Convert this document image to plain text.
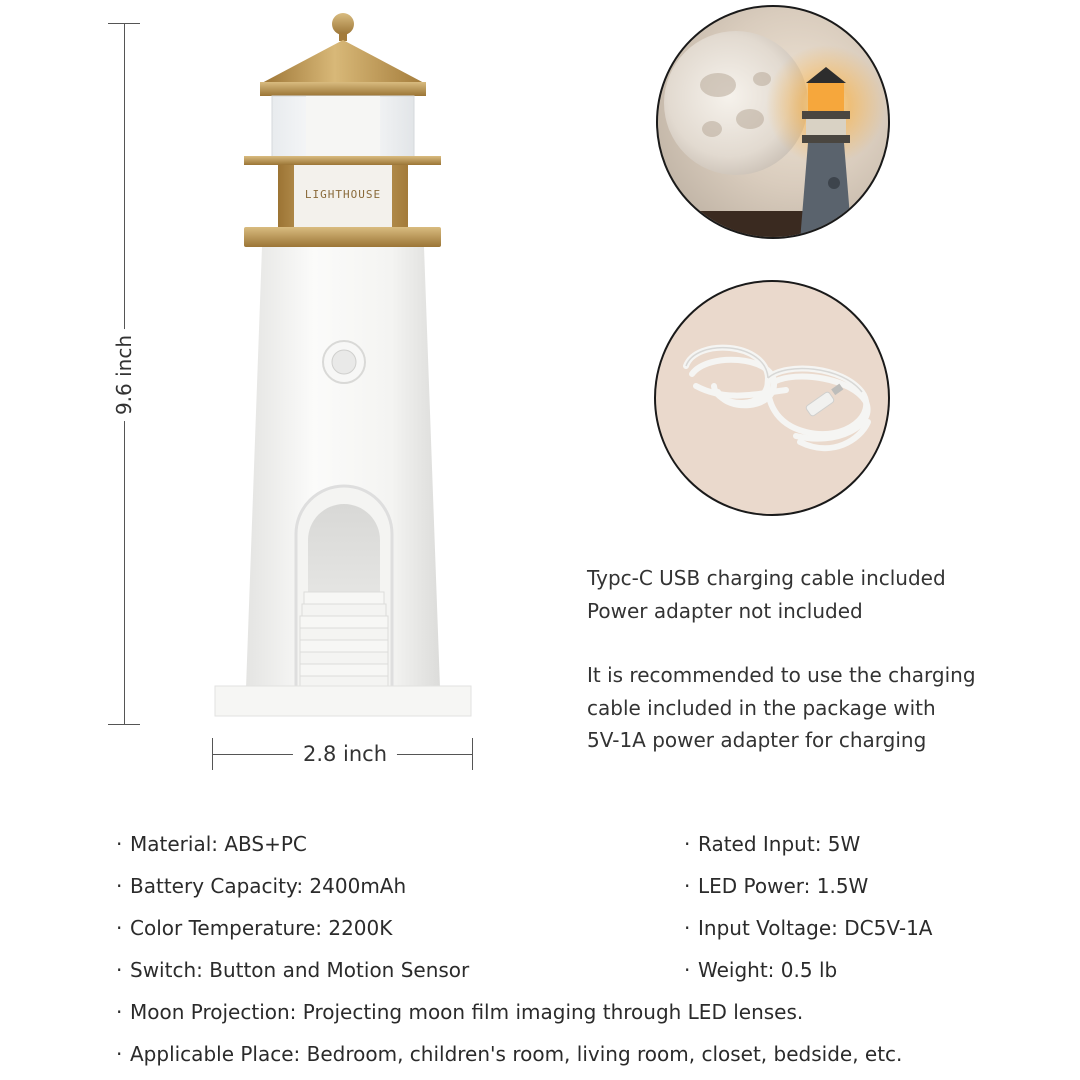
9.6 inch
2.8 inch
LIGHTHOUSE

Typc-C USB charging cable included

Power adapter not included

It is recommended to use the charging

cable included in the package with

5V-1A power adapter for charging

· Material: ABS+PC
· Battery Capacity: 2400mAh
· Color Temperature: 2200K
· Switch: Button and Motion Sensor
· Moon Projection: Projecting moon film imaging through LED lenses.
· Applicable Place: Bedroom, children's room, living room, closet, bedside, etc.
· Rated Input: 5W
· LED Power: 1.5W
· Input Voltage: DC5V-1A
· Weight: 0.5 lb
